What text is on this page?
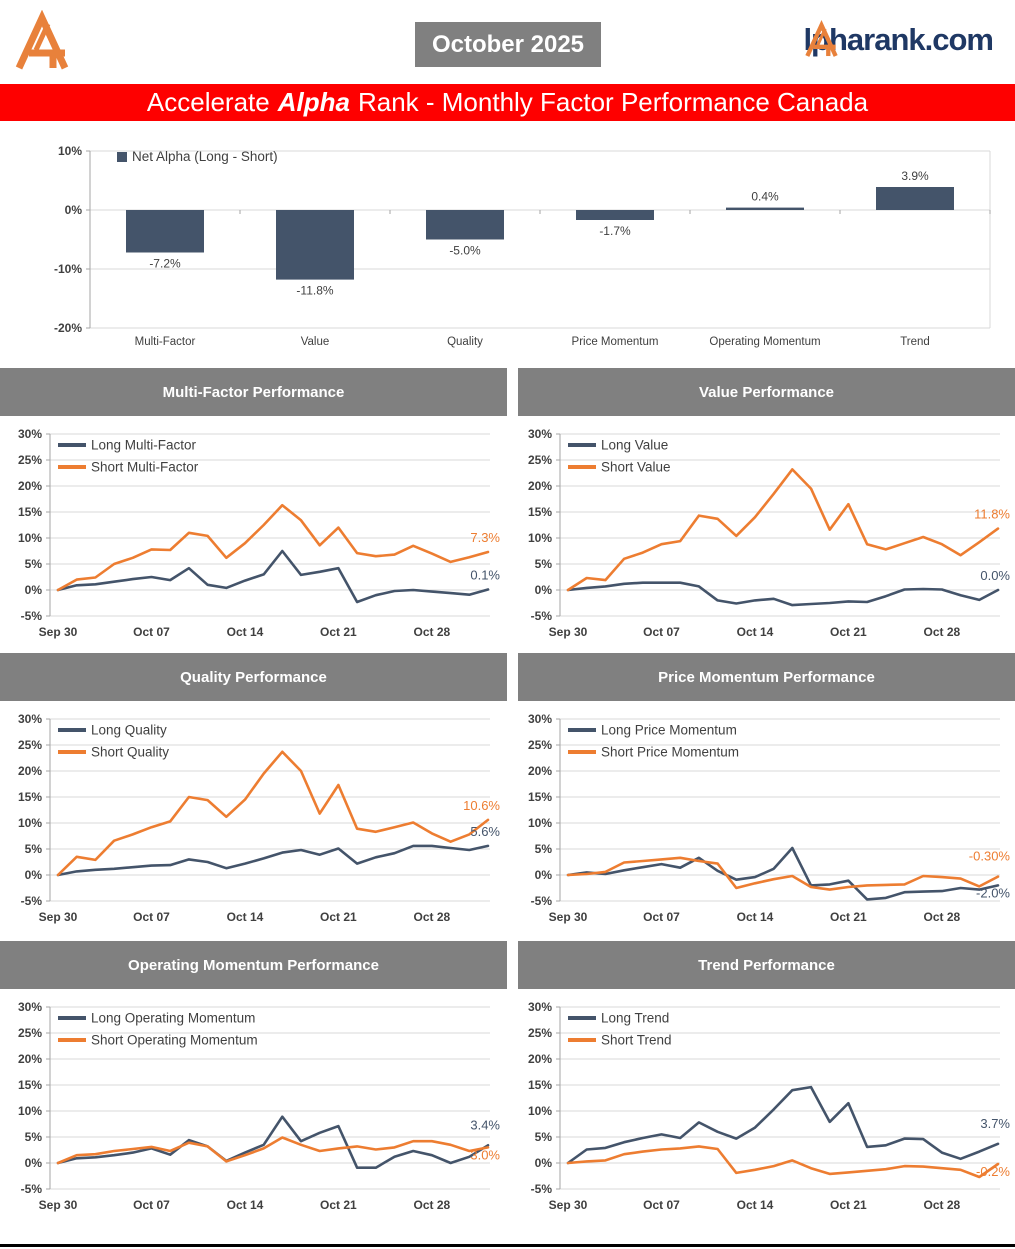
October 2025	lpharank.com
Accelerate Alpha Rank - Monthly Factor Performance Canada
10%
0%
-10%
-20%
-7.2%
Multi-Factor
-11.8%
Value
-5.0%
Quality
-1.7%
Price Momentum
0.4%
Operating Momentum
3.9%
Trend
Net Alpha (Long - Short)
Multi-Factor Performance
30%
25%
20%
15%
10%
5%
0%
-5%
Sep 30	Oct 07	Oct 14	Oct 21	Oct 28
0.1%
7.3%
Long Multi-Factor
Short Multi-Factor
Value Performance
30%
25%
20%
15%
10%
5%
0%
-5%
Sep 30	Oct 07	Oct 14	Oct 21	Oct 28
0.0%
11.8%
Long Value
Short Value
Quality Performance
30%
25%
20%
15%
10%
5%
0%
-5%
Sep 30	Oct 07	Oct 14	Oct 21	Oct 28
5.6%
10.6%
Long Quality
Short Quality
Price Momentum Performance
30%
25%
20%
15%
10%
5%
0%
-5%
Sep 30	Oct 07	Oct 14	Oct 21	Oct 28
-2.0%
-0.30%
Long Price Momentum
Short Price Momentum
Operating Momentum Performance
30%
25%
20%
15%
10%
5%
0%
-5%
Sep 30	Oct 07	Oct 14	Oct 21	Oct 28
3.4%
3.0%
Long Operating Momentum
Short Operating Momentum
Trend Performance
30%
25%
20%
15%
10%
5%
0%
-5%
Sep 30	Oct 07	Oct 14	Oct 21	Oct 28
3.7%
-0.2%
Long Trend
Short Trend
